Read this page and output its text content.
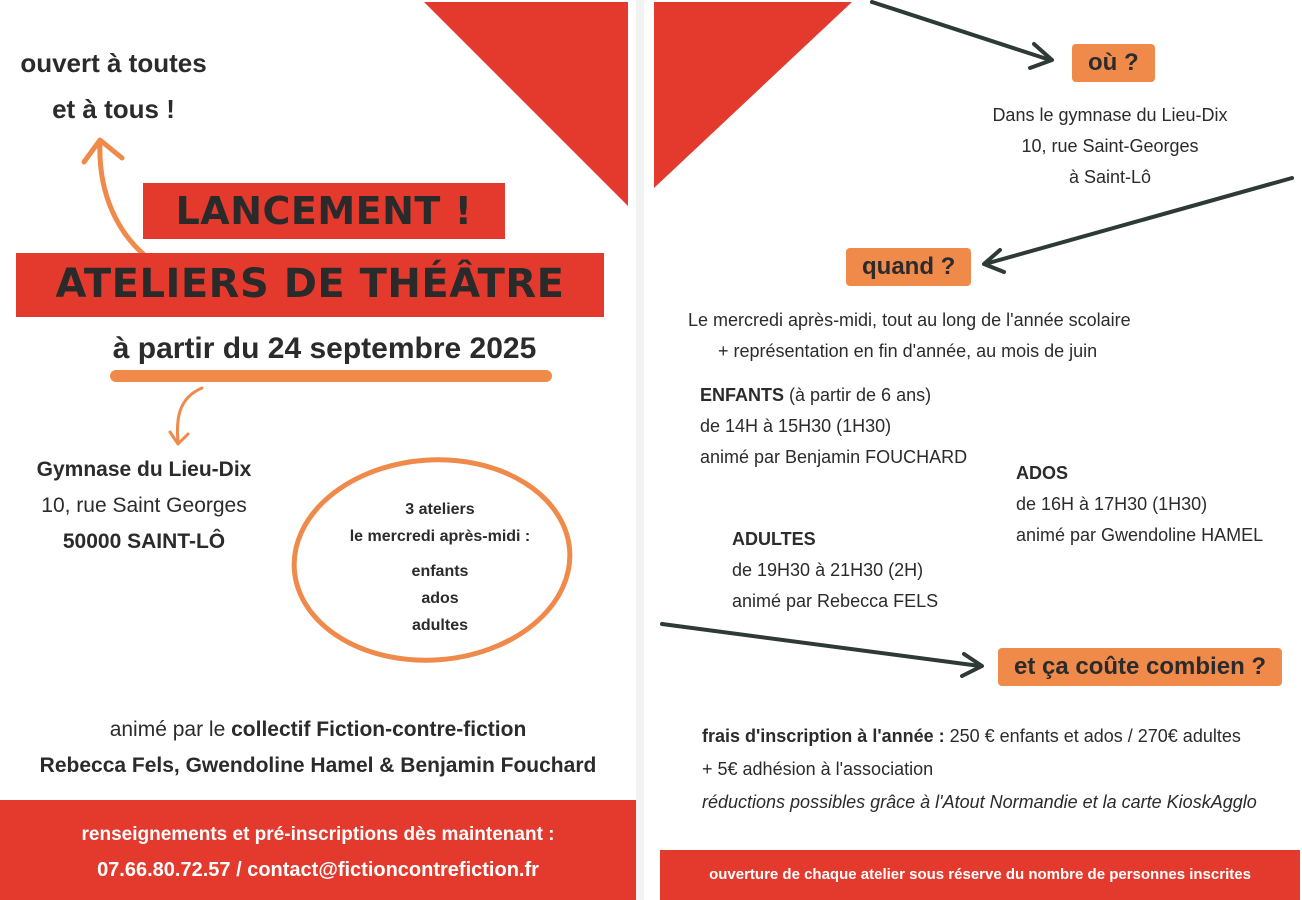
ouvert à toutes
et à tous !
LANCEMENT !
ATELIERS DE THÉÂTRE
à partir du 24 septembre 2025
Gymnase du Lieu-Dix
10, rue Saint Georges
50000 SAINT-LÔ
3 ateliers
le mercredi après-midi :
enfants
ados
adultes
animé par le collectif Fiction-contre-fiction
Rebecca Fels, Gwendoline Hamel & Benjamin Fouchard
renseignements et pré-inscriptions dès maintenant :
07.66.80.72.57 / contact@fictioncontrefiction.fr
où ?
Dans le gymnase du Lieu-Dix
10, rue Saint-Georges
à Saint-Lô
quand ?
Le mercredi après-midi, tout au long de l'année scolaire
+ représentation en fin d'année, au mois de juin
ENFANTS (à partir de 6 ans)
de 14H à 15H30 (1H30)
animé par Benjamin FOUCHARD
ADOS
de 16H à 17H30 (1H30)
animé par Gwendoline HAMEL
ADULTES
de 19H30 à 21H30 (2H)
animé par Rebecca FELS
et ça coûte combien ?
frais d'inscription à l'année : 250 € enfants et ados / 270€ adultes
+ 5€ adhésion à l'association
réductions possibles grâce à l'Atout Normandie et la carte KioskAgglo
ouverture de chaque atelier sous réserve du nombre de personnes inscrites
